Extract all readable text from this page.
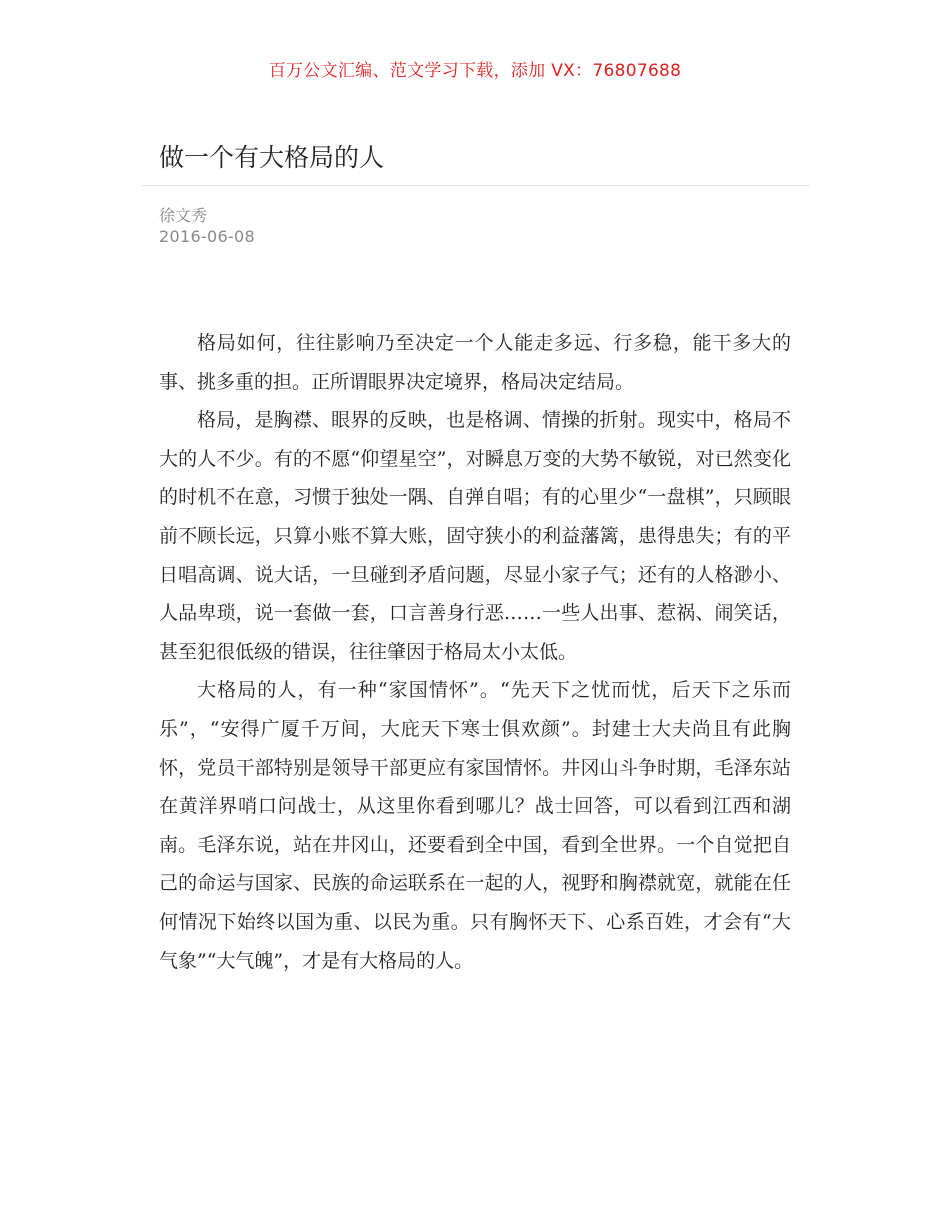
百万公文汇编、范文学习下载，添加 VX：76807688
做一个有大格局的人
徐文秀
2016-06-08

格局如何，往往影响乃至决定一个人能走多远、行多稳，能干多大的事、挑多重的担。正所谓眼界决定境界，格局决定结局。

格局，是胸襟、眼界的反映，也是格调、情操的折射。现实中，格局不大的人不少。有的不愿“仰望星空”，对瞬息万变的大势不敏锐，对已然变化的时机不在意，习惯于独处一隅、自弹自唱；有的心里少“一盘棋”，只顾眼前不顾长远，只算小账不算大账，固守狭小的利益藩篱，患得患失；有的平日唱高调、说大话，一旦碰到矛盾问题，尽显小家子气；还有的人格渺小、人品卑琐，说一套做一套，口言善身行恶……一些人出事、惹祸、闹笑话，甚至犯很低级的错误，往往肇因于格局太小太低。

大格局的人，有一种“家国情怀”。“先天下之忧而忧，后天下之乐而乐”，“安得广厦千万间，大庇天下寒士俱欢颜”。封建士大夫尚且有此胸怀，党员干部特别是领导干部更应有家国情怀。井冈山斗争时期，毛泽东站在黄洋界哨口问战士，从这里你看到哪儿？战士回答，可以看到江西和湖南。毛泽东说，站在井冈山，还要看到全中国，看到全世界。一个自觉把自己的命运与国家、民族的命运联系在一起的人，视野和胸襟就宽，就能在任何情况下始终以国为重、以民为重。只有胸怀天下、心系百姓，才会有“大气象”“大气魄”，才是有大格局的人。
